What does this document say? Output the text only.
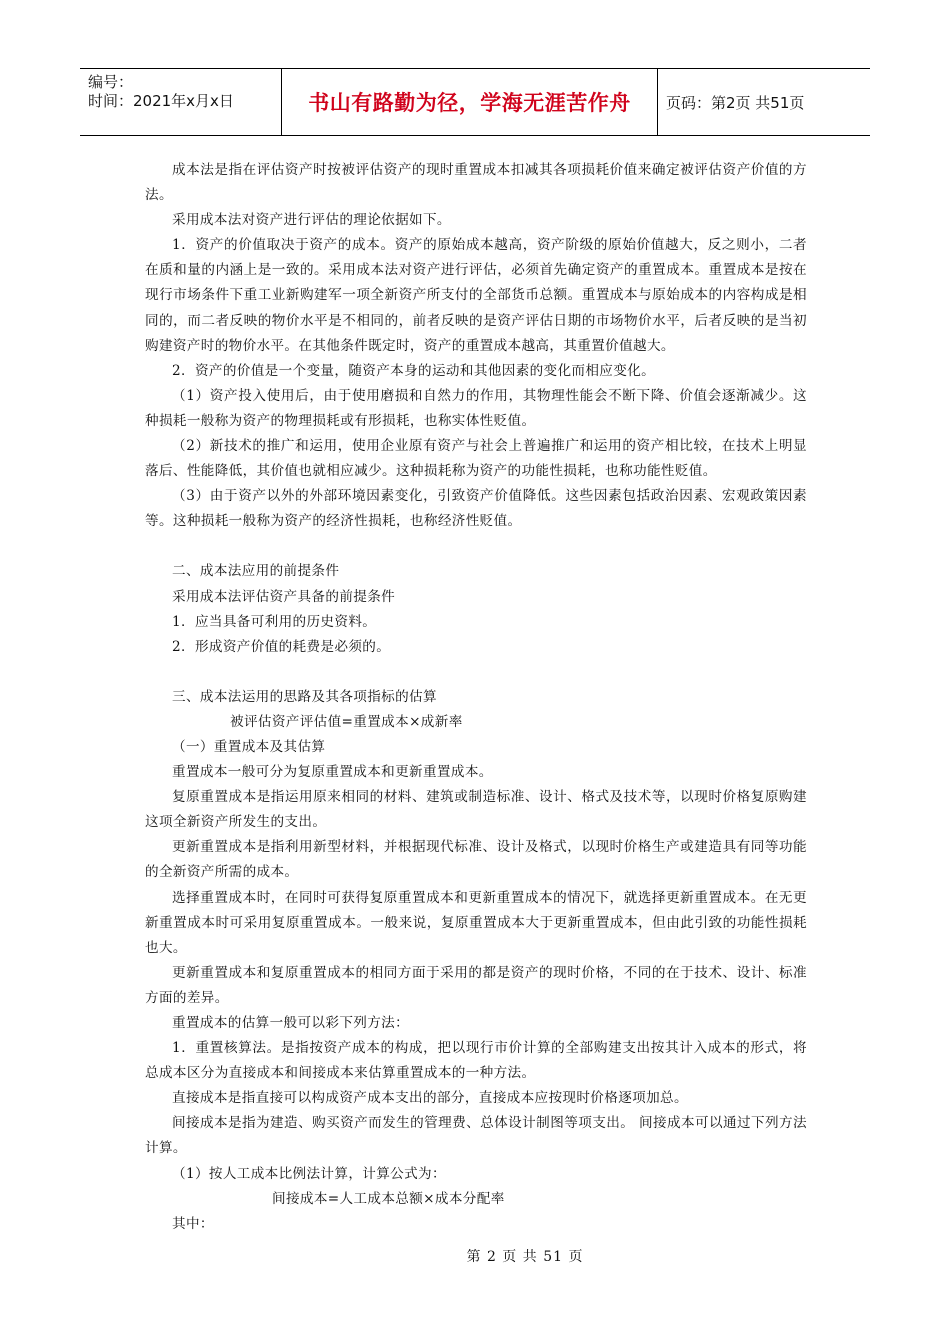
编号：
时间：2021年x月x日	书山有路勤为径，学海无涯苦作舟	页码：第2页 共51页

成本法是指在评估资产时按被评估资产的现时重置成本扣减其各项损耗价值来确定被评估资产价值的方法。

采用成本法对资产进行评估的理论依据如下。

1．资产的价值取决于资产的成本。资产的原始成本越高，资产阶级的原始价值越大，反之则小，二者在质和量的内涵上是一致的。采用成本法对资产进行评估，必须首先确定资产的重置成本。重置成本是按在现行市场条件下重工业新购建军一项全新资产所支付的全部货币总额。重置成本与原始成本的内容构成是相同的，而二者反映的物价水平是不相同的，前者反映的是资产评估日期的市场物价水平，后者反映的是当初购建资产时的物价水平。在其他条件既定时，资产的重置成本越高，其重置价值越大。

2．资产的价值是一个变量，随资产本身的运动和其他因素的变化而相应变化。

（1）资产投入使用后，由于使用磨损和自然力的作用，其物理性能会不断下降、价值会逐渐减少。这种损耗一般称为资产的物理损耗或有形损耗，也称实体性贬值。

（2）新技术的推广和运用，使用企业原有资产与社会上普遍推广和运用的资产相比较，在技术上明显落后、性能降低，其价值也就相应减少。这种损耗称为资产的功能性损耗，也称功能性贬值。

（3）由于资产以外的外部环境因素变化，引致资产价值降低。这些因素包括政治因素、宏观政策因素等。这种损耗一般称为资产的经济性损耗，也称经济性贬值。

二、成本法应用的前提条件

采用成本法评估资产具备的前提条件

1．应当具备可利用的历史资料。

2．形成资产价值的耗费是必须的。

三、成本法运用的思路及其各项指标的估算

被评估资产评估值=重置成本×成新率

（一）重置成本及其估算

重置成本一般可分为复原重置成本和更新重置成本。

复原重置成本是指运用原来相同的材料、建筑或制造标准、设计、格式及技术等，以现时价格复原购建这项全新资产所发生的支出。

更新重置成本是指利用新型材料，并根据现代标准、设计及格式，以现时价格生产或建造具有同等功能的全新资产所需的成本。

选择重置成本时，在同时可获得复原重置成本和更新重置成本的情况下，就选择更新重置成本。在无更新重置成本时可采用复原重置成本。一般来说，复原重置成本大于更新重置成本，但由此引致的功能性损耗也大。

更新重置成本和复原重置成本的相同方面于采用的都是资产的现时价格，不同的在于技术、设计、标准方面的差异。

重置成本的估算一般可以彩下列方法：

1．重置核算法。是指按资产成本的构成，把以现行市价计算的全部购建支出按其计入成本的形式，将总成本区分为直接成本和间接成本来估算重置成本的一种方法。

直接成本是指直接可以构成资产成本支出的部分，直接成本应按现时价格逐项加总。

间接成本是指为建造、购买资产而发生的管理费、总体设计制图等项支出。 间接成本可以通过下列方法计算。

（1）按人工成本比例法计算，计算公式为：

间接成本=人工成本总额×成本分配率

其中：

第 2 页 共 51 页
